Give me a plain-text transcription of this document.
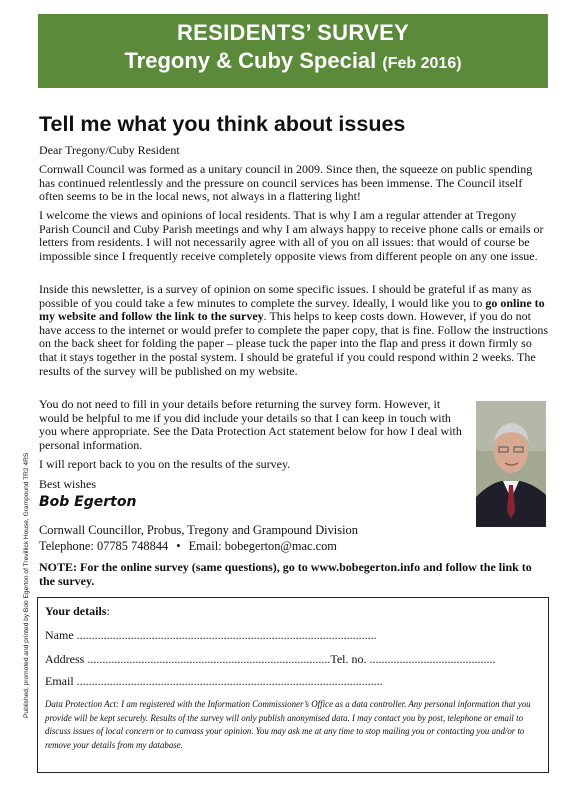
RESIDENTS’ SURVEY
Tregony & Cuby Special (Feb 2016)
Published, promoted and printed by Bob Egerton of Trevillick House, Grampound TR2 4RS
Tell me what you think about issues
Dear Tregony/Cuby Resident
Cornwall Council was formed as a unitary council in 2009. Since then, the squeeze on public spending has continued relentlessly and the pressure on council services has been immense. The Council itself often seems to be in the local news, not always in a flattering light!
I welcome the views and opinions of local residents. That is why I am a regular attender at Tregony Parish Council and Cuby Parish meetings and why I am always happy to receive phone calls or emails or letters from residents. I will not necessarily agree with all of you on all issues: that would of course be impossible since I frequently receive completely opposite views from different people on any one issue.
Inside this newsletter, is a survey of opinion on some specific issues. I should be grateful if as many as possible of you could take a few minutes to complete the survey. Ideally, I would like you to go online to my website and follow the link to the survey. This helps to keep costs down. However, if you do not have access to the internet or would prefer to complete the paper copy, that is fine. Follow the instructions on the back sheet for folding the paper – please tuck the paper into the flap and press it down firmly so that it stays together in the postal system. I should be grateful if you could respond within 2 weeks. The results of the survey will be published on my website.
You do not need to fill in your details before returning the survey form. However, it would be helpful to me if you did include your details so that I can keep in touch with you where appropriate. See the Data Protection Act statement below for how I deal with personal information.
I will report back to you on the results of the survey.
Best wishes
Bob Egerton
Cornwall Councillor, Probus, Tregony and Grampound Division
Telephone: 07785 748844 • Email: bobegerton@mac.com
NOTE: For the online survey (same questions), go to www.bobegerton.info and follow the link to the survey.
Your details:
Name ....................................................................................................
Address .................................................................................Tel. no. ..........................................
Email ......................................................................................................
Data Protection Act: I am registered with the Information Commissioner’s Office as a data controller. Any personal information that you provide will be kept securely. Results of the survey will only publish anonymised data. I may contact you by post, telephone or email to discuss issues of local concern or to canvass your opinion. You may ask me at any time to stop mailing you or contacting you and/or to remove your details from my database.
